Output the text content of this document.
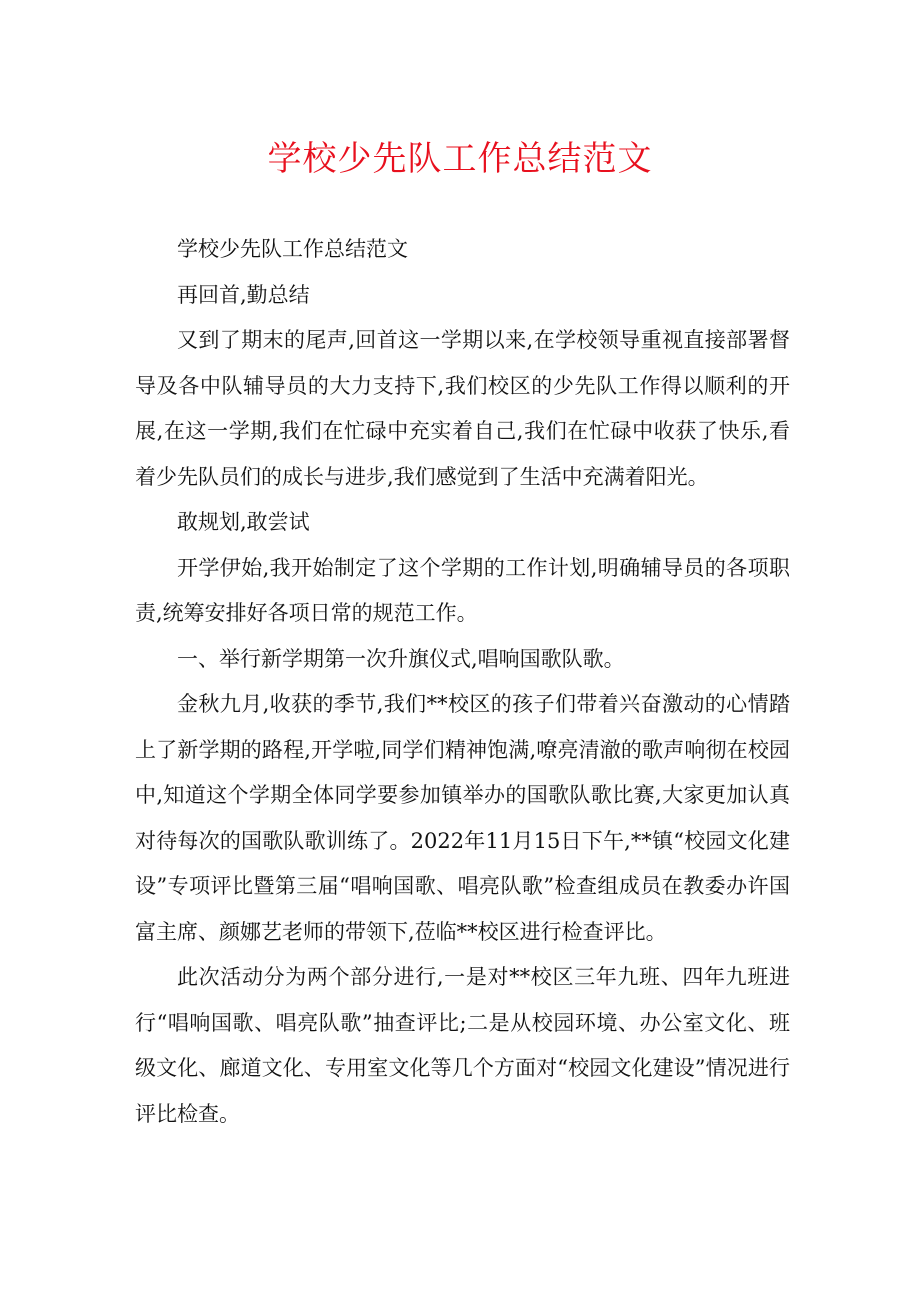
学校少先队工作总结范文

学校少先队工作总结范文

再回首,勤总结

又到了期末的尾声,回首这一学期以来,在学校领导重视直接部署督导及各中队辅导员的大力支持下,我们校区的少先队工作得以顺利的开展,在这一学期,我们在忙碌中充实着自己,我们在忙碌中收获了快乐,看着少先队员们的成长与进步,我们感觉到了生活中充满着阳光。

敢规划,敢尝试

开学伊始,我开始制定了这个学期的工作计划,明确辅导员的各项职责,统筹安排好各项日常的规范工作。

一、举行新学期第一次升旗仪式,唱响国歌队歌。

金秋九月,收获的季节,我们**校区的孩子们带着兴奋激动的心情踏上了新学期的路程,开学啦,同学们精神饱满,嘹亮清澈的歌声响彻在校园中,知道这个学期全体同学要参加镇举办的国歌队歌比赛,大家更加认真对待每次的国歌队歌训练了。2022年11月15日下午,**镇“校园文化建设”专项评比暨第三届“唱响国歌、唱亮队歌”检查组成员在教委办许国富主席、颜娜艺老师的带领下,莅临**校区进行检查评比。

此次活动分为两个部分进行,一是对**校区三年九班、四年九班进行“唱响国歌、唱亮队歌”抽查评比;二是从校园环境、办公室文化、班级文化、廊道文化、专用室文化等几个方面对“校园文化建设”情况进行评比检查。
